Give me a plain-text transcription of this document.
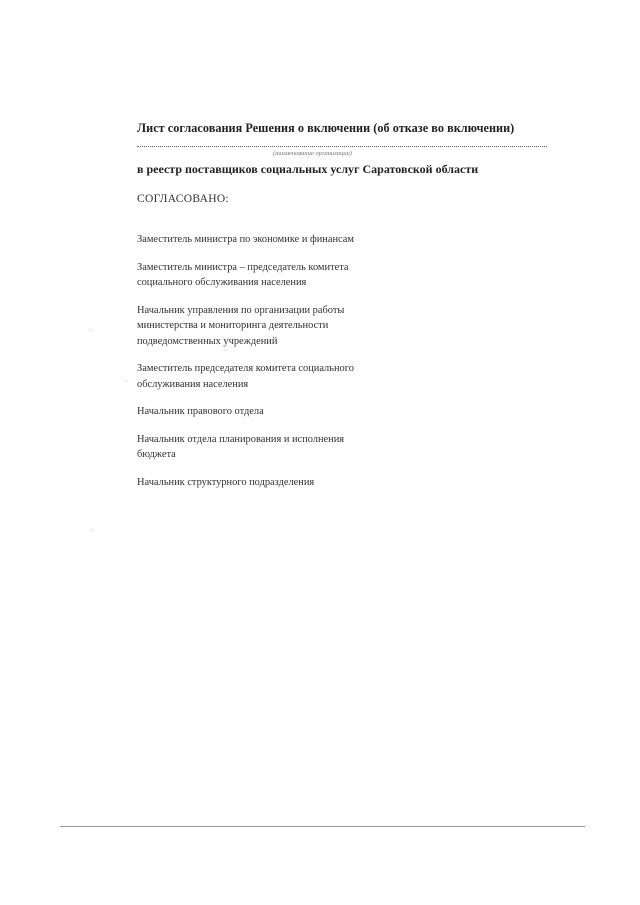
Лист согласования Решения о включении (об отказе во включении)
(наименование организации)
в реестр поставщиков социальных услуг Саратовской области
СОГЛАСОВАНО:
Заместитель министра по экономике и финансам
Заместитель министра – председатель комитета
социального обслуживания населения
Начальник управления по организации работы
министерства и мониторинга деятельности
подведомственных учреждений
Заместитель председателя комитета социального
обслуживания населения
Начальник правового отдела
Начальник отдела планирования и исполнения
бюджета
Начальник структурного подразделения
˙˙
·
˙˙
